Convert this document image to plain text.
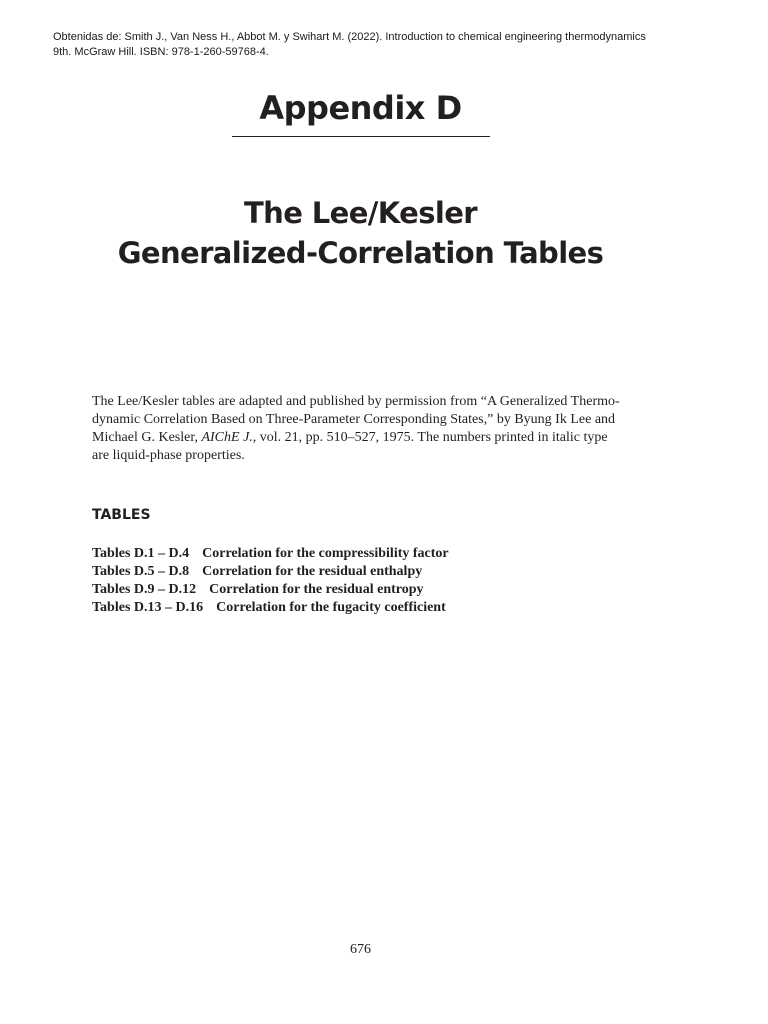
Obtenidas de: Smith J., Van Ness H., Abbot M. y Swihart M. (2022). Introduction to chemical engineering thermodynamics
9th. McGraw Hill. ISBN: 978-1-260-59768-4.
Appendix D
The Lee/Kesler
Generalized-Correlation Tables

The Lee/Kesler tables are adapted and published by permission from “A Generalized Thermo-
dynamic Correlation Based on Three-Parameter Corresponding States,” by Byung Ik Lee and
Michael G. Kesler, AIChE J., vol. 21, pp. 510–527, 1975. The numbers printed in italic type
are liquid-phase properties.

TABLES
Tables D.1 – D.4 Correlation for the compressibility factor
Tables D.5 – D.8 Correlation for the residual enthalpy
Tables D.9 – D.12 Correlation for the residual entropy
Tables D.13 – D.16 Correlation for the fugacity coefficient
676
